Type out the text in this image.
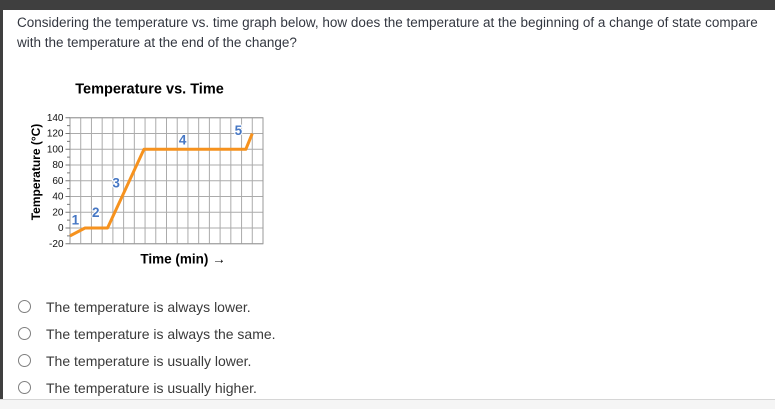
Considering the temperature vs. time graph below, how does the temperature at the beginning of a change of state compare with the temperature at the end of the change?
Temperature vs. Time
Temperature (°C)
Time (min) →
140
120
100
80
60
40
20
0
-20
1
2
3
4
5
The temperature is always lower.
The temperature is always the same.
The temperature is usually lower.
The temperature is usually higher.
